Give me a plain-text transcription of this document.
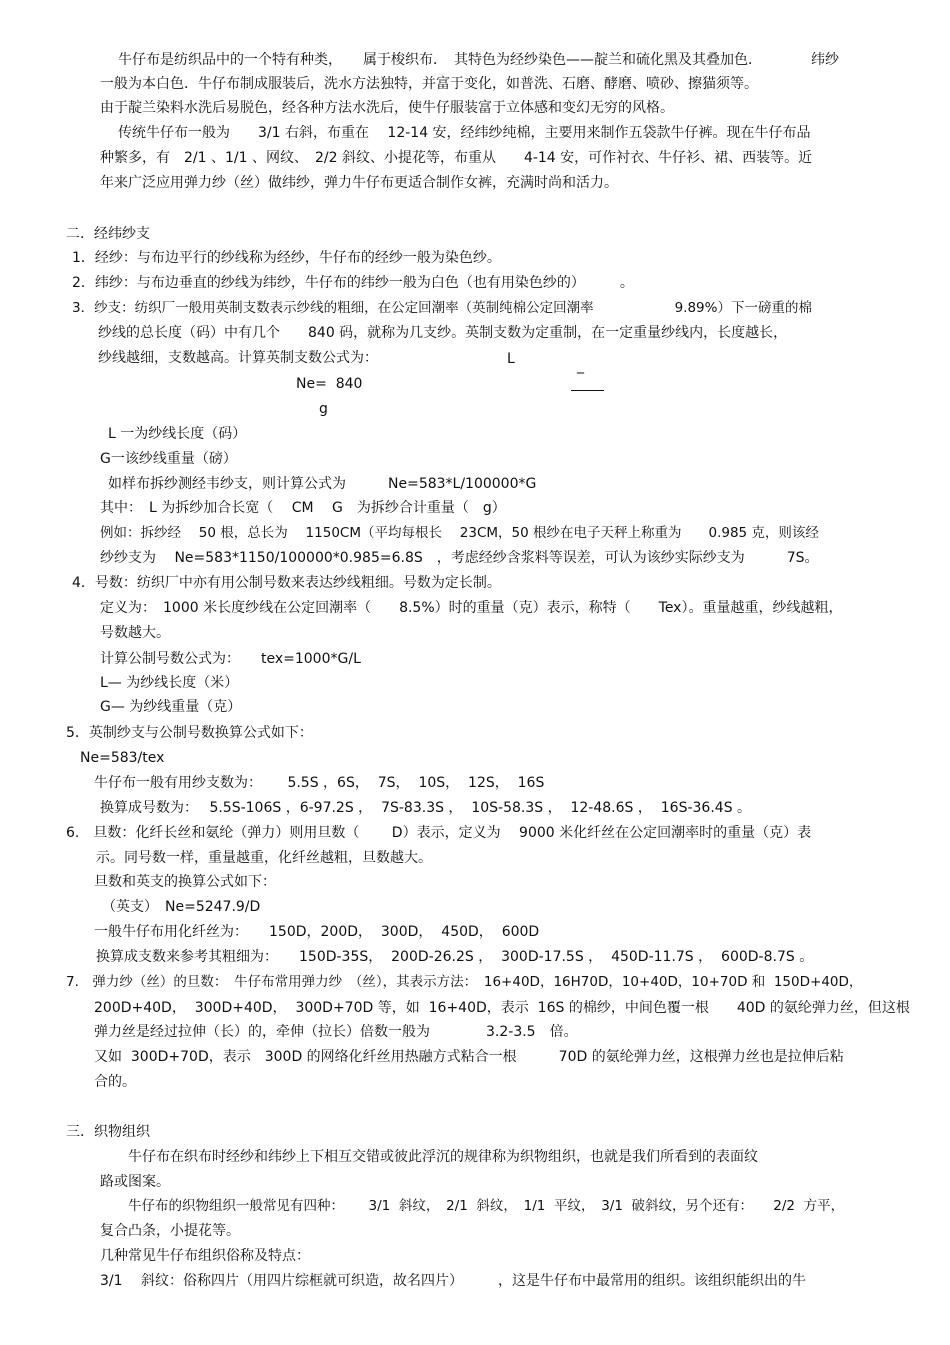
牛仔布是纺织品中的一个特有种类，　　属于梭织布．　其特色为经纱染色——靛兰和硫化黑及其叠加色．　　　　纬纱
一般为本白色．牛仔布制成服装后，洗水方法独特，并富于变化，如普洗、石磨、酵磨、喷砂、擦猫须等。
由于靛兰染料水洗后易脱色，经各种方法水洗后，使牛仔服装富于立体感和变幻无穷的风格。
传统牛仔布一般为　　3/1 右斜，布重在　 12-14 安，经纬纱纯棉，主要用来制作五袋款牛仔裤。现在牛仔布品
种繁多，有　2/1 、1/1 、网纹、　2/2 斜纹、小提花等，布重从　　4-14 安，可作衬衣、牛仔衫、裙、西装等。近
年来广泛应用弹力纱（丝）做纬纱，弹力牛仔布更适合制作女裤，充满时尚和活力。
二．经纬纱支
1．经纱：与布边平行的纱线称为经纱，牛仔布的经纱一般为染色纱。
2．纬纱：与布边垂直的纱线为纬纱，牛仔布的纬纱一般为白色（也有用染色纱的）　　　。
3．纱支：纺织厂一般用英制支数表示纱线的粗细，在公定回潮率（英制纯棉公定回潮率　　　　　　9.89%）下一磅重的棉
纱线的总长度（码）中有几个　　840 码，就称为几支纱。英制支数为定重制，在一定重量纱线内，长度越长，
纱线越细，支数越高。计算英制支数公式为：	L	_
Ne=  840
g
L 一为纱线长度（码）
G一该纱线重量（磅）
如样布拆纱测经韦纱支，则计算公式为　　　Ne=583*L/100000*G
其中：　L 为拆纱加合长宽（　 CM　 G　为拆纱合计重量（　g）
例如：拆纱经　 50 根，总长为　 1150CM（平均每根长　 23CM，50 根纱在电子天秤上称重为　　0.985 克，则该经
纱纱支为　 Ne=583*1150/100000*0.985=6.8S　，考虑经纱含浆料等误差，可认为该纱实际纱支为　　　7S。
4．号数：纺织厂中亦有用公制号数来表达纱线粗细。号数为定长制。
定义为：　1000 米长度纱线在公定回潮率（　　8.5%）时的重量（克）表示，称特（　　Tex）。重量越重，纱线越粗，
号数越大。
计算公制号数公式为：　　tex=1000*G/L
L— 为纱线长度（米）
G— 为纱线重量（克）
5．英制纱支与公制号数换算公式如下：
Ne=583/tex
牛仔布一般有用纱支数为：　　 5.5S ，6S，  7S，  10S，  12S，  16S
换算成号数为：　 5.5S-106S ，6-97.2S ，  7S-83.3S ，  10S-58.3S ，  12-48.6S ，  16S-36.4S 。
6.　旦数：化纤长丝和氨纶（弹力）则用旦数（　　 D）表示，定义为　 9000 米化纤丝在公定回潮率时的重量（克）表
示。同号数一样，重量越重，化纤丝越粗，旦数越大。
旦数和英支的换算公式如下：
（英支）　Ne=5247.9/D
一般牛仔布用化纤丝为：　　150D，200D，  300D，  450D，  600D
换算成支数来参考其粗细为：　　150D-35S，  200D-26.2S ，  300D-17.5S ，  450D-11.7S ，  600D-8.7S 。
7.　弹力纱（丝）的旦数：　牛仔布常用弹力纱　（丝），其表示方法：　16+40D，16H70D，10+40D，10+70D 和  150D+40D，
200D+40D，  300D+40D，  300D+70D 等，如  16+40D，表示  16S 的棉纱，中间色覆一根　　40D 的氨纶弹力丝，但这根
弹力丝是经过拉伸（长）的，牵伸（拉长）倍数一般为　　　　3.2-3.5　倍。
又如  300D+70D，表示　300D 的网络化纤丝用热融方式粘合一根　　　70D 的氨纶弹力丝，这根弹力丝也是拉伸后粘
合的。
三．织物组织
牛仔布在织布时经纱和纬纱上下相互交错或彼此浮沉的规律称为织物组织，也就是我们所看到的表面纹
路或图案。
牛仔布的织物组织一般常见有四种：　　 3/1  斜纹，　2/1  斜纹，　1/1  平纹，　3/1  破斜纹，另个还有：　　2/2  方平，
复合凸条，小提花等。
几种常见牛仔布组织俗称及特点：
3/1　 斜纹：俗称四片（用四片综框就可织造，故名四片）　　　，这是牛仔布中最常用的组织。该组织能织出的牛
